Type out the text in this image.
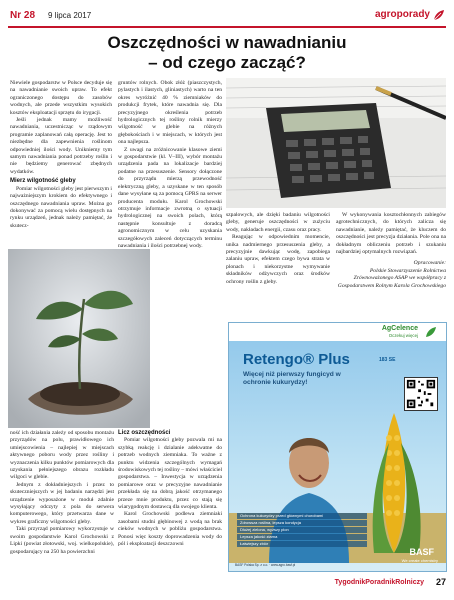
Nr 28 9 lipca 2017	agroporady
Oszczędności w nawadnianiu
– od czego zacząć?

Niewiele gospodarstw w Polsce decyduje się na nawadnianie swoich upraw. To efekt ograniczonego dostępu do zasobów wodnych, ale przede wszystkim wysokich kosztów eksploatacji sprzętu do irygacji.

Jeśli jednak mamy możliwość nawadniania, uczestnicząc w rządowym programie zaplanowań całą operację. Jest to niezbędne dla zapewnienia roślinom odpowiedniej ilości wody. Unikniemy tym samym nawadniania ponad potrzeby roślin i nie będziemy generować zbędnych wydatków.

Mierz wilgotność gleby

Pomiar wilgotności gleby jest pierwszym i najważniejszym krokiem do efektywnego i oszczędnego nawadniania upraw. Można go dokonywać za pomocą wielu dostępnych na rynku urządzeń, jednak należy pamiętać, że skutecz-

gruntów rolnych. Obok złóż (piaszczystych, pylastych i ilastych, gliniastych) warto na ten okres wyróżnić 40 % ziemniaków do produkcji frytek, które nawadnia się. Dla precyzyjnego określenia potrzeb hydrologicznych tej rośliny rolnik mierzy wilgotność w glebie na różnych głębokościach i w miejscach, w których jest ona najlepsza.

Z uwagi na zróżnicowanie klasowe ziemi w gospodarstwie (kl. V–III), wybór montażu urządzenia pada na lokalizacje bardziej podatne na przesuszenie. Sensory dołączone do przyrządu mierzą przewodność elektryczną gleby, a uzyskane w ten sposób dane wysyłane są za pomocą GPRS na serwer producenta modułu. Karol Grochowski otrzymuje informacje zwrotną o sytuacji hydrologicznej na swoich polach, którą następnie konsultuje z doradcą agronomicznym w celu uzyskania szczegółowych zaleceń dotyczących terminu nawadniania i ilości potrzebnej wody.

szpalowych, ale dzięki badaniu wilgotności gleby, generuje oszczędności w zużyciu wody, nakładach energii, czasu oraz pracy.

Reagując w odpowiednim momencie, unika nadmiernego przesuszenia gleby, a precyzyjnie dawkując wodę, zapobiega zalaniu upraw, efektem czego bywa strata w plonach i niekorzystne wymywanie składników odżywczych oraz środków ochrony roślin z gleby.

W wykonywania kosztochłonnych zabiegów agrotechnicznych, do których zalicza się nawadnianie, należy pamiętać, że kluczem do oszczędności jest precyzja działania. Pole ona na dokładnym obliczeniu potrzeb i szukaniu najbardziej optymalnych rozwiązań.

Opracowanie:

Polskie Stowarzyszenie Rolnictwa Zrównoważonego ASAP we współpracy z Gospodarstwem Rolnym Karola Grochowskiego

ność ich działania zależy od sposobu montażu przyrządów na polu, prawidłowego ich umiejscowienia – najlepiej w miejscach aktywnego poboru wody przez rośliny i wyznaczenia kilku punktów pomiarowych dla uzyskania pełniejszego obrazu rozkładu wilgoci w glebie.

Jednym z dokładniejszych i przez to skuteczniejszych w jej badaniu narzędzi jest urządzenie wyposażone w moduł zdalnie wysyłający odczyty z pola do serwera komputerowego, który przetwarza dane w wykres graficzny wilgotności gleby.

Taki przyrząd pomiarowy wykorzystuje w swoim gospodarstwie Karol Grochowski z Lipki (powiat złotowski, woj. wielkopolskie), gospodarujący na 250 ha powierzchni

Licz oszczędności

Pomiar wilgotności gleby pozwala mi na szybką reakcję i dzialanie adekwatne do potrzeb wodnych ziemniaka. To ważne z punktu widzenia szczególnych wymagań środowiskowych tej rośliny – mówi właściciel gospodarstwa. – Inwestycja w urządzenia pomiarowe oraz w precyzyjne nawadnianie przekłada się na dobrą jakość otrzymanego przeze mnie produktu, przez co stają się wiarygodnym dostawcą dla swojego klienta.

Karol Grochowski podlewa ziemniaki zasobami studni głębinowej z wodą na brak cieków wodnych w pobliżu gospodarstwa. Ponosi więc koszty doprowadzenia wody do pól i eksploatacji deszczowni

AgCelence
Oczekuj więcej
Retengo® Plus	183 SE
Więcej niż pierwszy fungicyd w ochronie kukurydzy!
Ochrona kukurydzy przed głównymi chorobami
Zdrowsza roślina, lepsza kondycja
Dłużej zielona, wyższy plon
Lepsza jakość ziarna
Łatwiejszy zbiór
BASF
We create chemistry
BASF Polska Sp. z o.o. · www.agro.basf.pl
TygodnikPoradnikRolniczy 27
